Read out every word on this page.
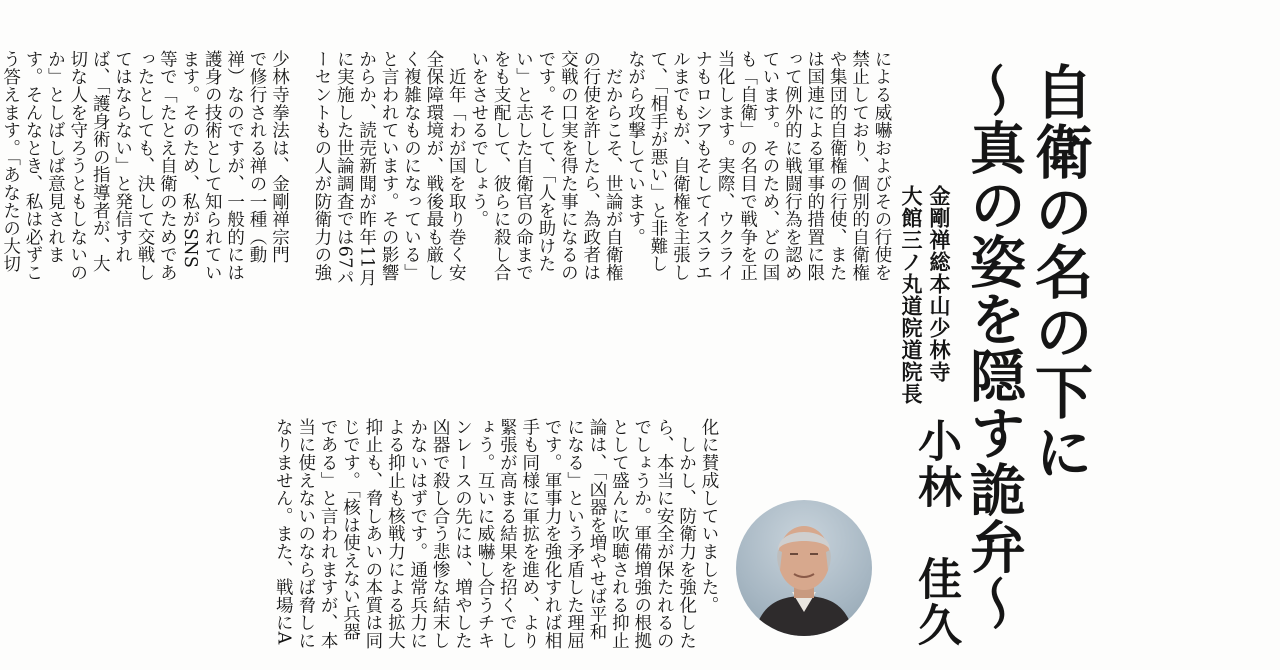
自衛の名の下に
～真の姿を隠す詭弁～
金剛禅総本山少林寺
大館三ノ丸道院道院長
小林　佳久
による威嚇およびその行使を
禁止しており、個別的自衛権
や集団的自衛権の行使、また
は国連による軍事的措置に限
って例外的に戦闘行為を認め
ています。そのため、どの国
も「自衛」の名目で戦争を正
当化します。実際、ウクライ
ナもロシアもそしてイスラエ
ルまでもが、自衛権を主張し
て、「相手が悪い」と非難し
ながら攻撃しています。
　だからこそ、世論が自衛権
の行使を許したら、為政者は
交戦の口実を得た事になるの
です。そして、「人を助けた
い」と志した自衛官の命まで
をも支配して、彼らに殺し合
いをさせるでしょう。
　近年「わが国を取り巻く安
全保障環境が、戦後最も厳し
く複雑なものになっている」
と言われています。その影響
からか、読売新聞が昨年11月
に実施した世論調査では67パ
ーセントもの人が防衛力の強
少林寺拳法は、金剛禅宗門
で修行される禅の一種（動
禅）なのですが、一般的には
護身の技術として知られてい
ます。そのため、私がSNS
等で「たとえ自衛のためであ
ったとしても、決して交戦し
てはならない」と発信すれ
ば、「護身術の指導者が、大
切な人を守ろうともしないの
か」としばしば意見されま
す。そんなとき、私は必ずこ
う答えます。「あなたの大切
化に賛成していました。
　しかし、防衛力を強化した
ら、本当に安全が保たれるの
でしょうか。軍備増強の根拠
として盛んに吹聴される抑止
論は、「凶器を増やせば平和
になる」という矛盾した理屈
です。軍事力を強化すれば相
手も同様に軍拡を進め、より
緊張が高まる結果を招くでし
ょう。互いに威嚇し合うチキ
ンレースの先には、増やした
凶器で殺し合う悲惨な結末し
かないはずです。通常兵力に
よる抑止も核戦力による拡大
抑止も、脅しあいの本質は同
じです。「核は使えない兵器
である」と言われますが、本
当に使えないのならば脅しに
なりません。また、戦場にA
